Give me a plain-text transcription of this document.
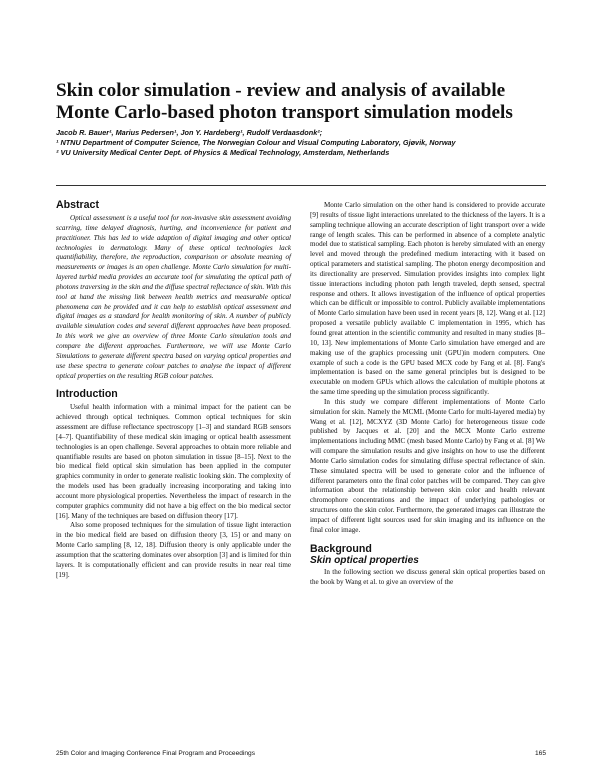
Skin color simulation - review and analysis of available Monte Carlo-based photon transport simulation models
Jacob R. Bauer¹, Marius Pedersen¹, Jon Y. Hardeberg¹, Rudolf Verdaasdonk²;
¹ NTNU Department of Computer Science, The Norwegian Colour and Visual Computing Laboratory, Gjøvik, Norway
² VU University Medical Center Dept. of Physics & Medical Technology, Amsterdam, Netherlands
Abstract

Optical assessment is a useful tool for non-invasive skin assessment avoiding scarring, time delayed diagnosis, hurting, and inconvenience for patient and practitioner. This has led to wide adaption of digital imaging and other optical technologies in dermatology. Many of these optical technologies lack quantifiability, therefore, the reproduction, comparison or absolute meaning of measurements or images is an open challenge. Monte Carlo simulation for multi-layered turbid media provides an accurate tool for simulating the optical path of photons traversing in the skin and the diffuse spectral reflectance of skin. With this tool at hand the missing link between health metrics and measurable optical phenomena can be provided and it can help to establish optical assessment and digital images as a standard for health monitoring of skin. A number of publicly available simulation codes and several different approaches have been proposed. In this work we give an overview of three Monte Carlo simulation tools and compare the different approaches. Furthermore, we will use Monte Carlo Simulations to generate different spectra based on varying optical properties and use these spectra to generate colour patches to analyse the impact of different optical properties on the resulting RGB colour patches.

Introduction

Useful health information with a minimal impact for the patient can be achieved through optical techniques. Common optical techniques for skin assessment are diffuse reflectance spectroscopy [1–3] and standard RGB sensors [4–7]. Quantifiability of these medical skin imaging or optical health assessment technologies is an open challenge. Several approaches to obtain more reliable and quantifiable results are based on photon simulation in tissue [8–15]. Next to the bio medical field optical skin simulation has been applied in the computer graphics community in order to generate realistic looking skin. The complexity of the models used has been gradually increasing incorporating and taking into account more physiological properties. Nevertheless the impact of research in the computer graphics community did not have a big effect on the bio medical sector [16]. Many of the techniques are based on diffusion theory [17].

Also some proposed techniques for the simulation of tissue light interaction in the bio medical field are based on diffusion theory [3, 15] or and many on Monte Carlo sampling [8, 12, 18]. Diffusion theory is only applicable under the assumption that the scattering dominates over absorption [3] and is limited for thin layers. It is computationally efficient and can provide results in near real time [19].

Monte Carlo simulation on the other hand is considered to provide accurate [9] results of tissue light interactions unrelated to the thickness of the layers. It is a sampling technique allowing an accurate description of light transport over a wide range of length scales. This can be performed in absence of a complete analytic model due to statistical sampling. Each photon is hereby simulated with an energy level and moved through the predefined medium interacting with it based on optical parameters and statistical sampling. The photon energy decomposition and its directionality are preserved. Simulation provides insights into complex light tissue interactions including photon path length traveled, depth sensed, spectral response and others. It allows investigation of the influence of optical properties which can be difficult or impossible to control. Publicly available implementations of Monte Carlo simulation have been used in recent years [8, 12]. Wang et al. [12] proposed a versatile publicly available C implementation in 1995, which has found great attention in the scientific community and resulted in many studies [8–10, 13]. New implementations of Monte Carlo simulation have emerged and are making use of the graphics processing unit (GPU)in modern computers. One example of such a code is the GPU based MCX code by Fang et al. [8]. Fang's implementation is based on the same general principles but is designed to be executable on modern GPUs which allows the calculation of multiple photons at the same time speeding up the simulation process significantly.

In this study we compare different implementations of Monte Carlo simulation for skin. Namely the MCML (Monte Carlo for multi-layered media) by Wang et al. [12], MCXYZ (3D Monte Carlo) for heterogeneous tissue code published by Jacques et al. [20] and the MCX Monte Carlo extreme implementations including MMC (mesh based Monte Carlo) by Fang et al. [8] We will compare the simulation results and give insights on how to use the different Monte Carlo simulation codes for simulating diffuse spectral reflectance of skin. These simulated spectra will be used to generate color and the influence of different parameters onto the final color patches will be compared. They can give information about the relationship between skin color and health relevant chromophore concentrations and the impact of underlying pathologies or structures onto the skin color. Furthermore, the generated images can illustrate the impact of different light sources used for skin imaging and its influence on the final color image.

Background
Skin optical properties

In the following section we discuss general skin optical properties based on the book by Wang et al. to give an overview of the

25th Color and Imaging Conference Final Program and Proceedings	165
